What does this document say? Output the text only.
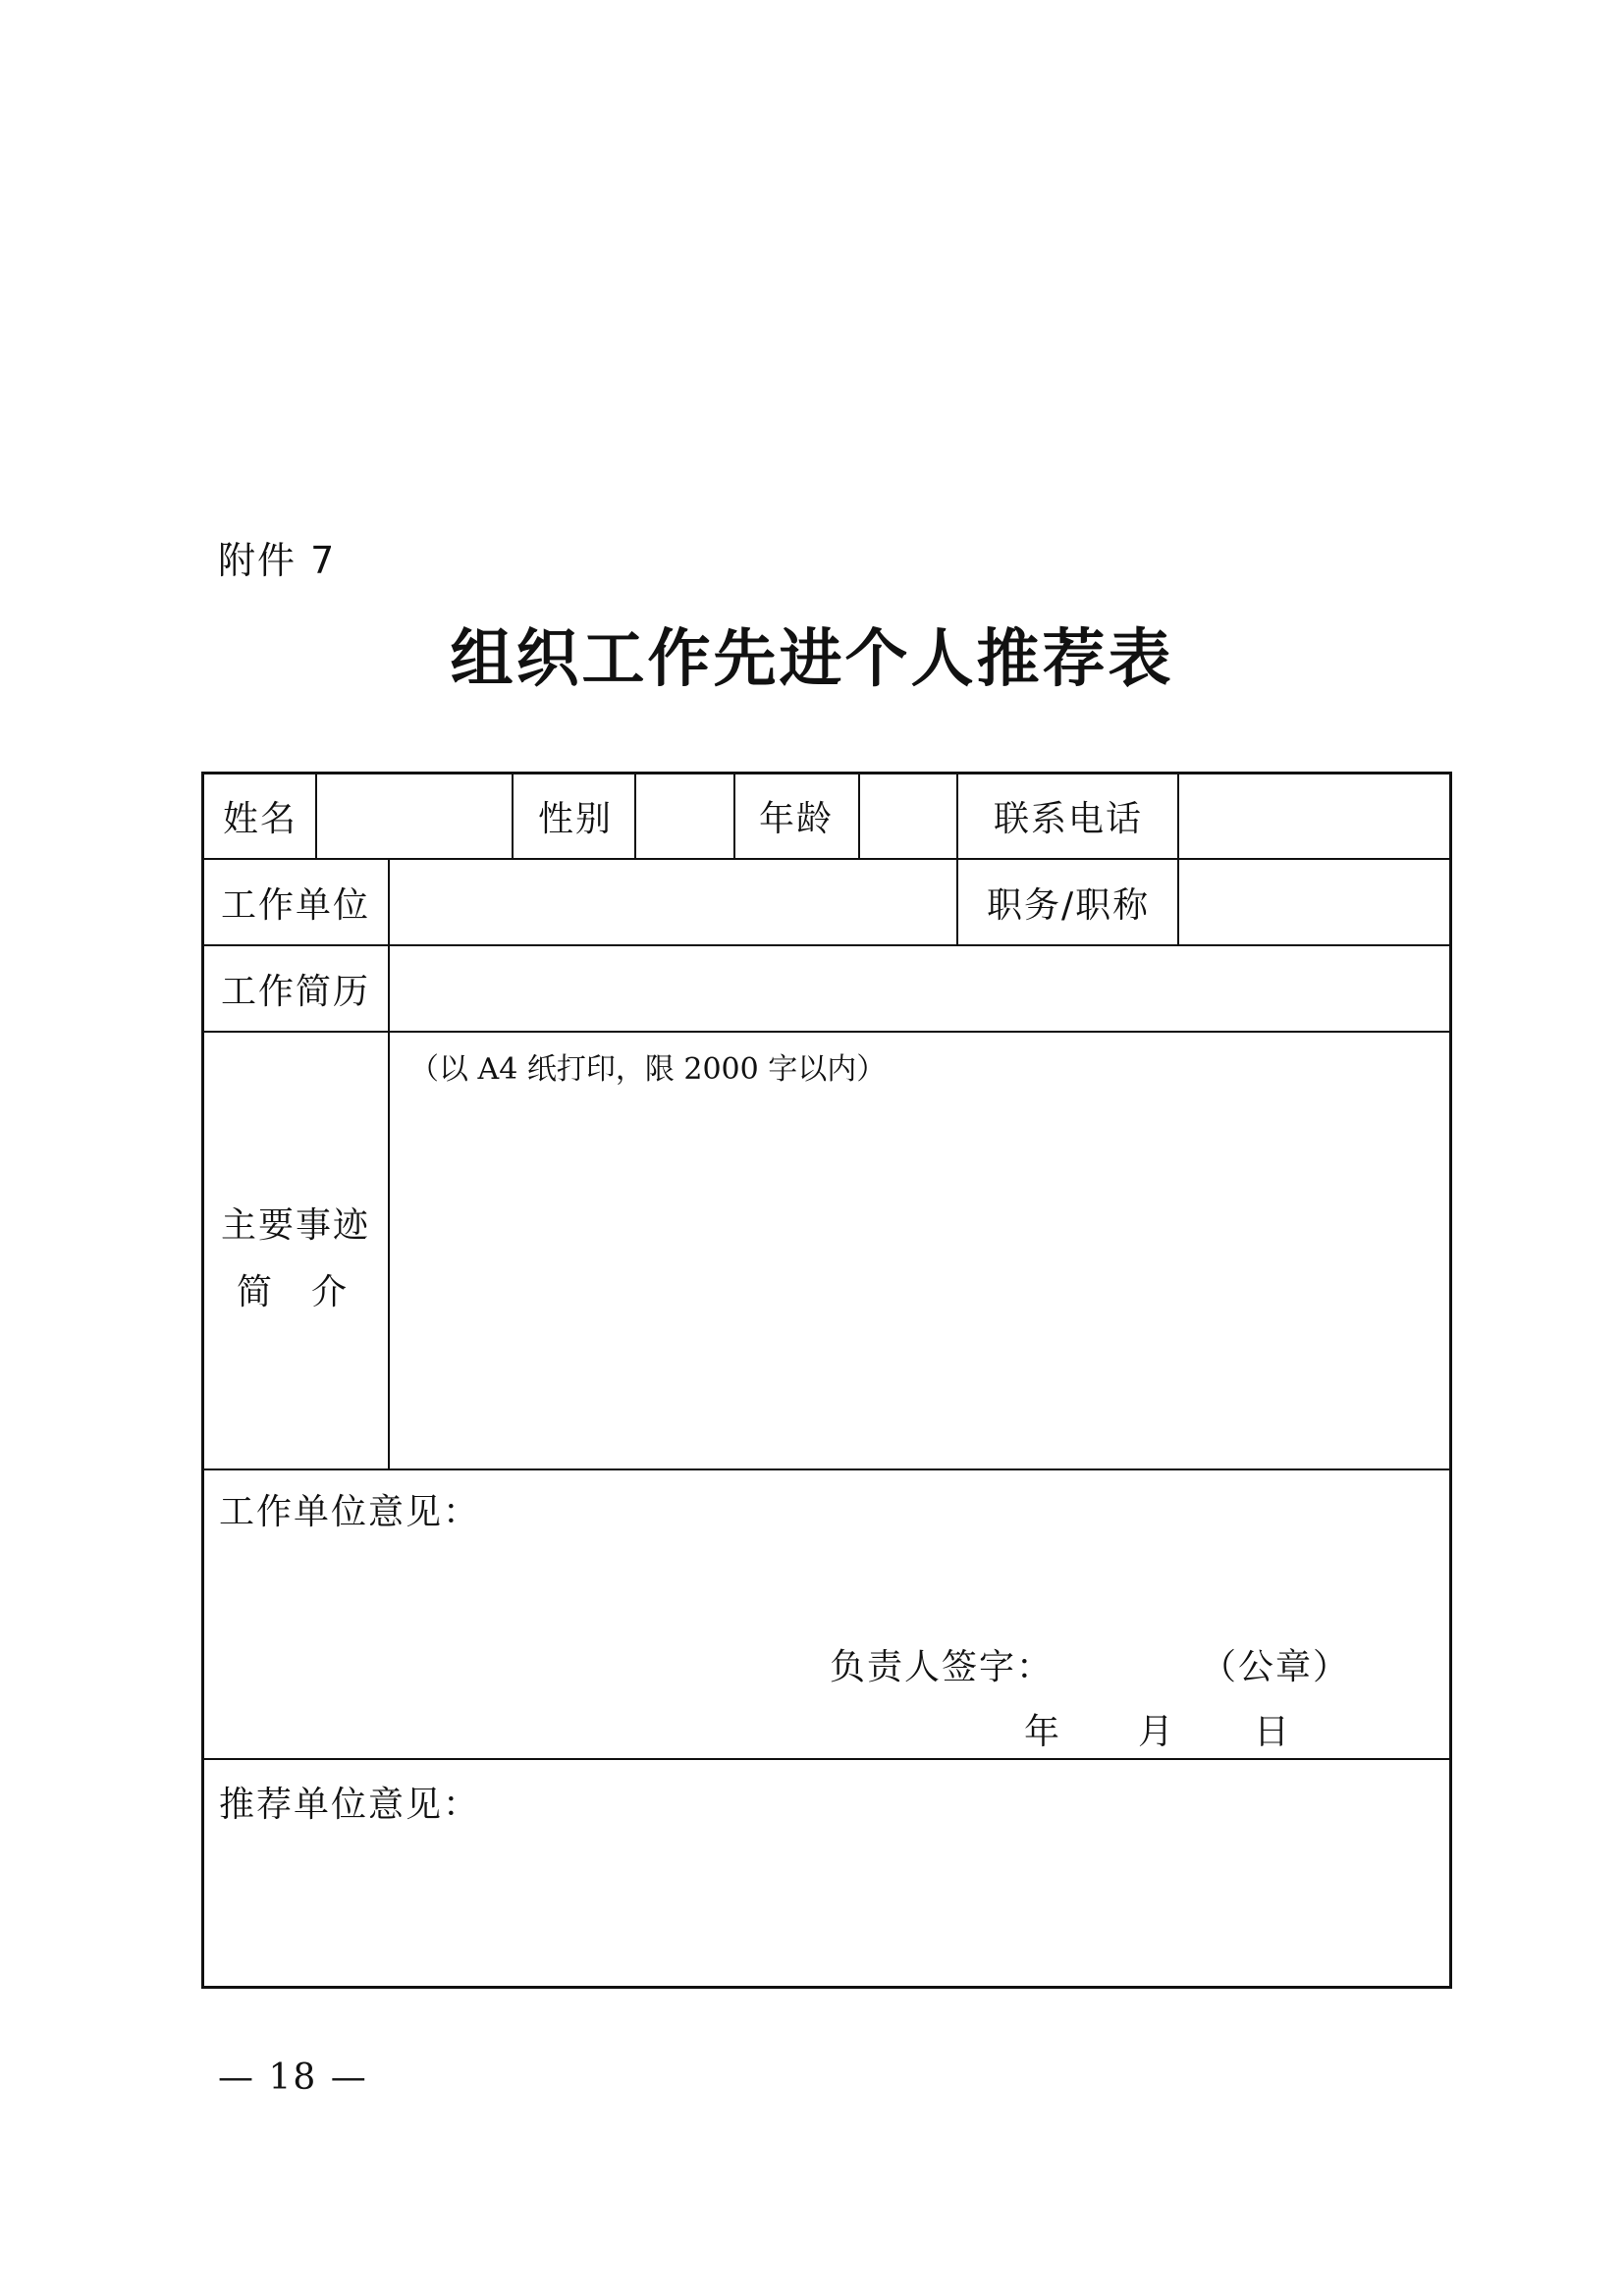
附件 7
组织工作先进个人推荐表
姓名	性别	年龄	联系电话
工作单位	职务/职称
工作简历
主要事迹
简　介
（以 A4 纸打印，限 2000 字以内）
工作单位意见：
负责人签字：	（公章）
年 月 日
推荐单位意见：
— 18 —
